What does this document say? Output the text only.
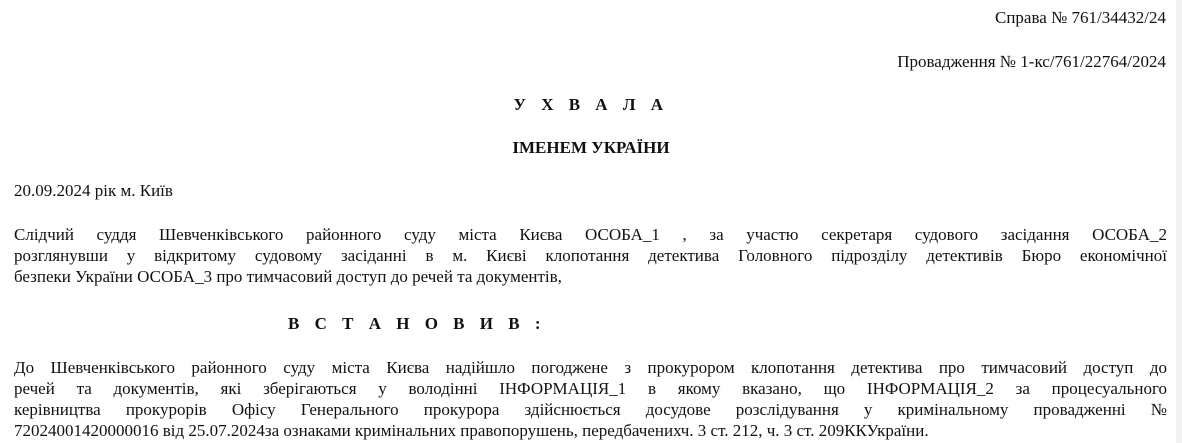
Справа № 761/34432/24
Провадження № 1-кс/761/22764/2024
У Х В А Л А
ІМЕНЕМ УКРАЇНИ
20.09.2024 рік м. Київ
Слідчий суддя Шевченківського районного суду міста Києва ОСОБА_1 , за участю секретаря судового засідання ОСОБА_2
розглянувши у відкритому судовому засіданні в м. Києві клопотання детектива Головного підрозділу детективів Бюро економічної
безпеки України ОСОБА_3 про тимчасовий доступ до речей та документів,
В С Т А Н О В И В :
До Шевченківського районного суду міста Києва надійшло погоджене з прокурором клопотання детектива про тимчасовий доступ до
речей та документів, які зберігаються у володінні ІНФОРМАЦІЯ_1 в якому вказано, що ІНФОРМАЦІЯ_2 за процесуального
керівництва прокурорів Офісу Генерального прокурора здійснюється досудове розслідування у кримінальному провадженні №
72024001420000016 від 25.07.2024за ознаками кримінальних правопорушень, передбаченихч. 3 ст. 212, ч. 3 ст. 209ККУкраїни.
